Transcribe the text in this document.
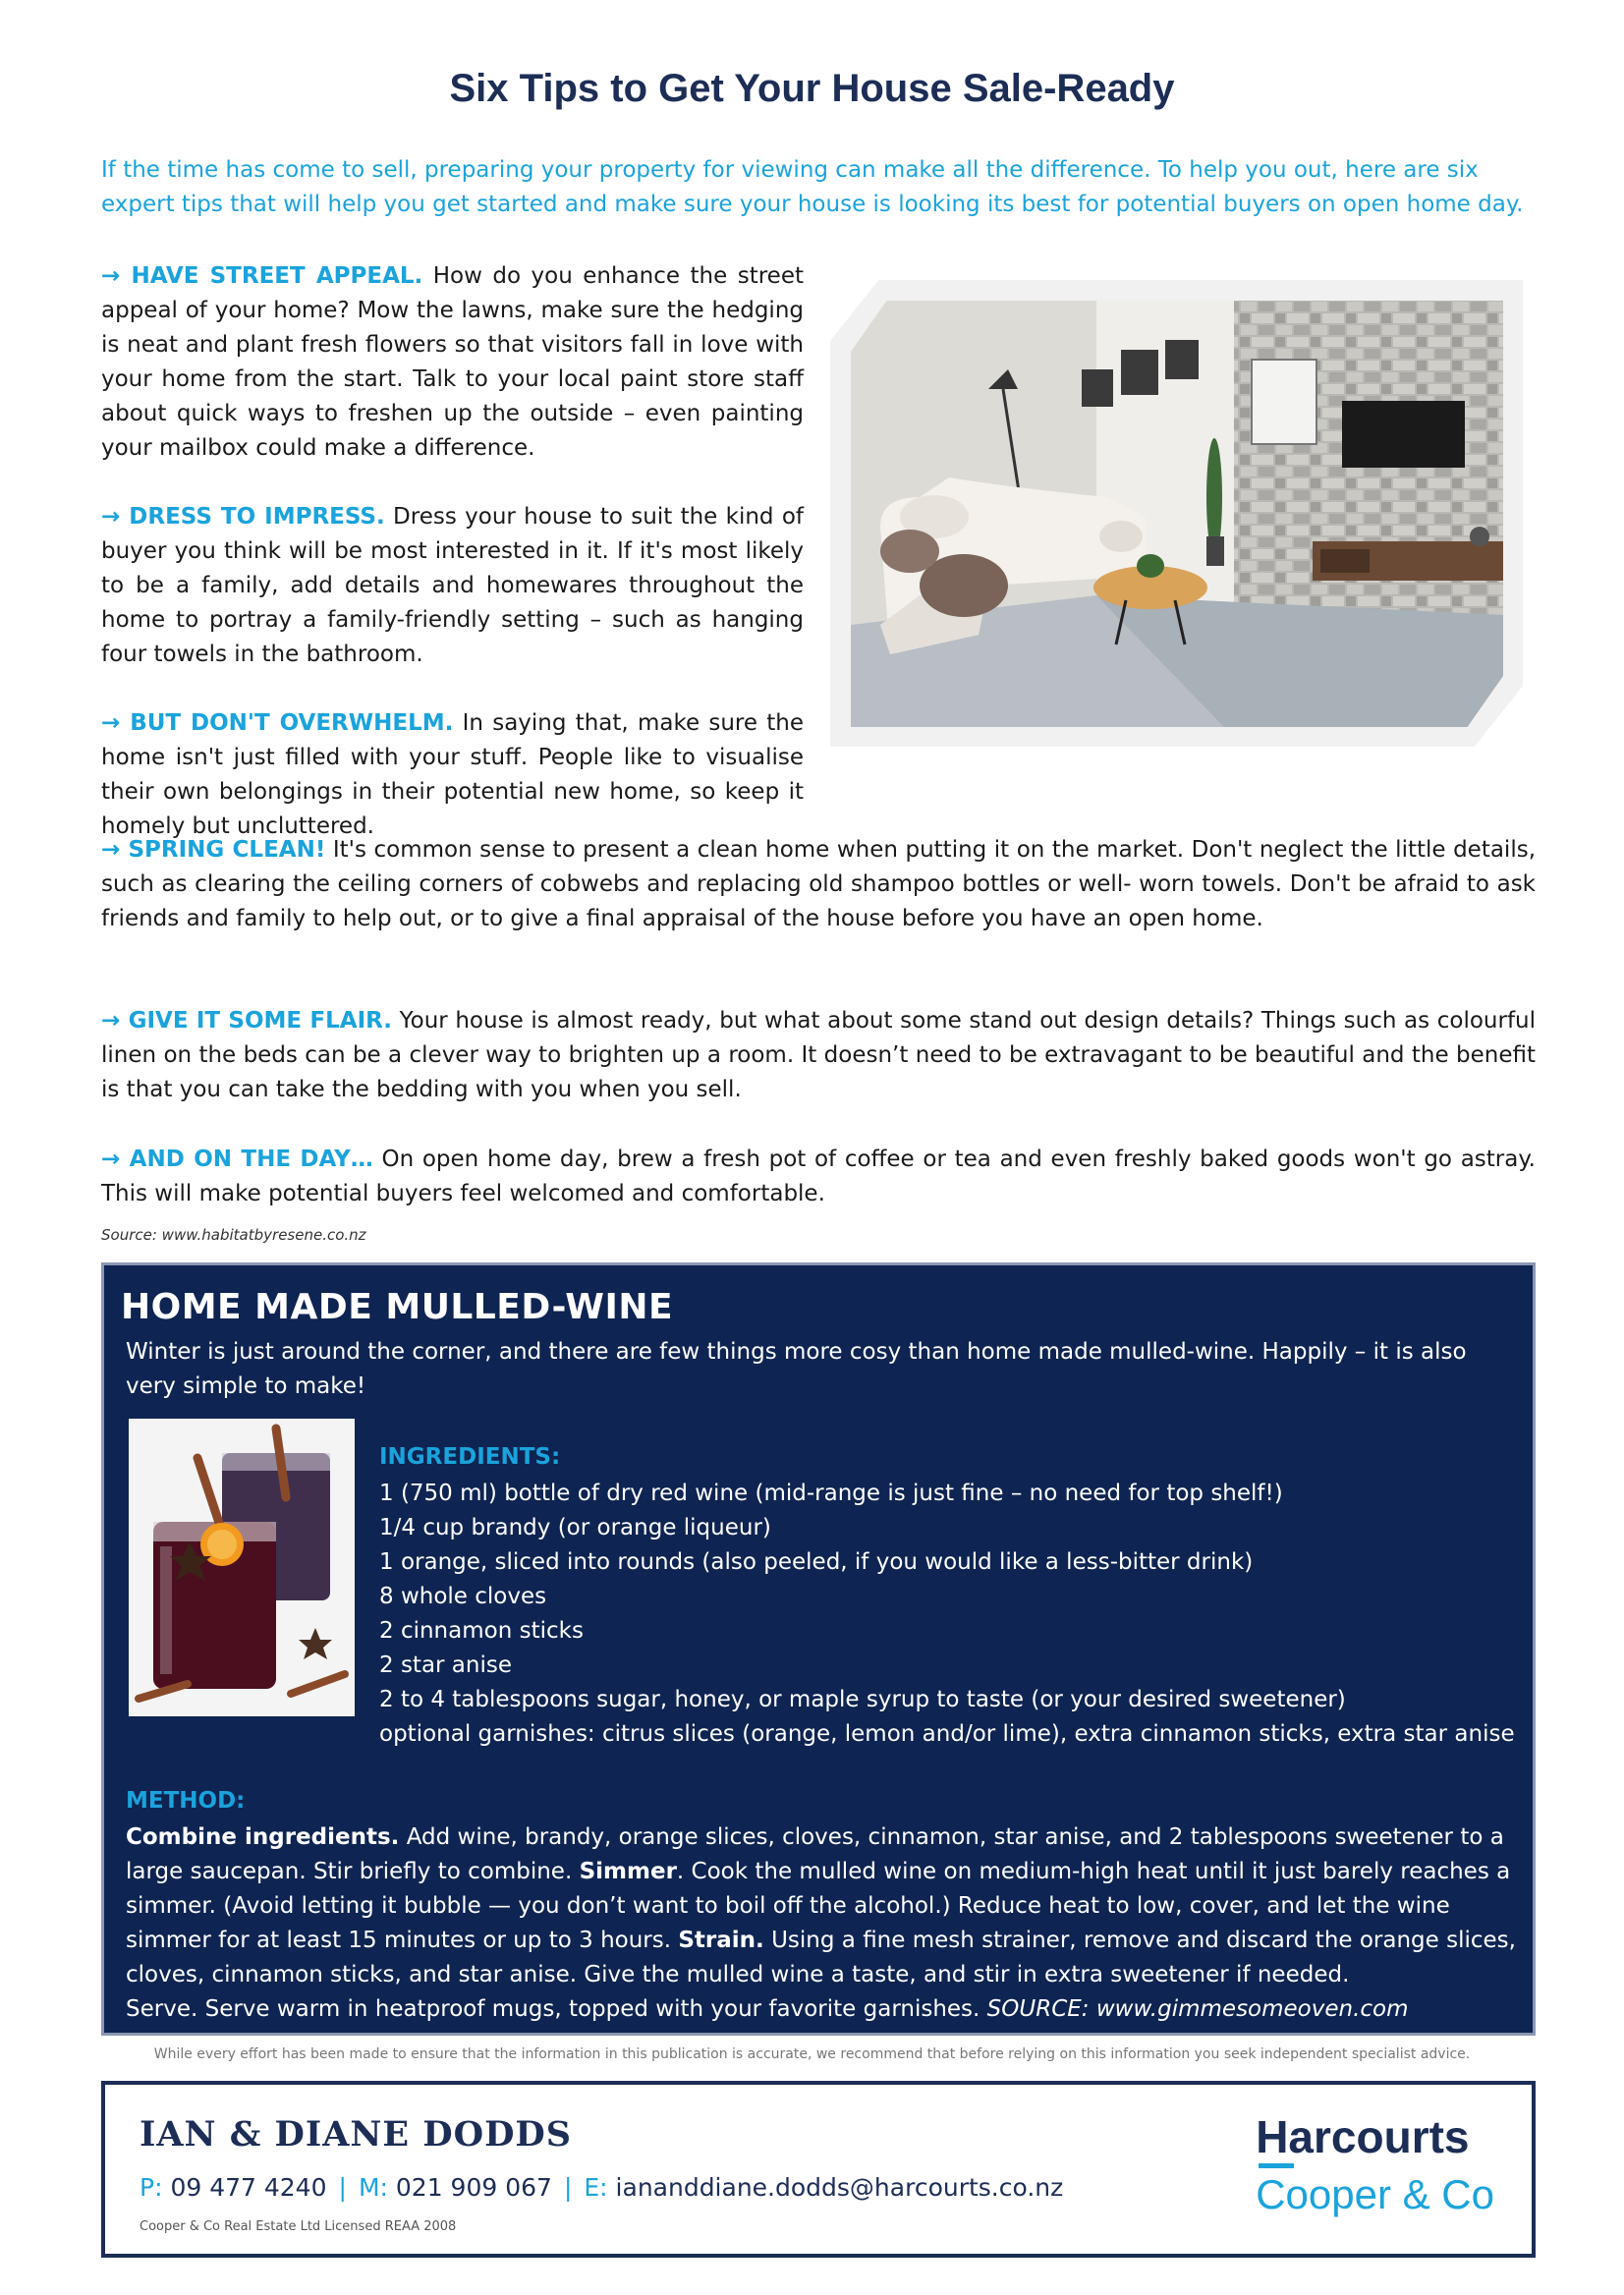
Six Tips to Get Your House Sale-Ready

If the time has come to sell, preparing your property for viewing can make all the difference. To help you out, here are six expert tips that will help you get started and make sure your house is looking its best for potential buyers on open home day.

→ HAVE STREET APPEAL. How do you enhance the street appeal of your home? Mow the lawns, make sure the hedging is neat and plant fresh flowers so that visitors fall in love with your home from the start. Talk to your local paint store staff about quick ways to freshen up the outside – even painting your mailbox could make a difference.

→ DRESS TO IMPRESS. Dress your house to suit the kind of buyer you think will be most interested in it. If it's most likely to be a family, add details and homewares throughout the home to portray a family-friendly setting – such as hanging four towels in the bathroom.

→ BUT DON'T OVERWHELM. In saying that, make sure the home isn't just filled with your stuff. People like to visualise their own belongings in their potential new home, so keep it homely but uncluttered.

→ SPRING CLEAN! It's common sense to present a clean home when putting it on the market. Don't neglect the little details, such as clearing the ceiling corners of cobwebs and replacing old shampoo bottles or well- worn towels. Don't be afraid to ask friends and family to help out, or to give a final appraisal of the house before you have an open home.

→ GIVE IT SOME FLAIR. Your house is almost ready, but what about some stand out design details? Things such as colourful linen on the beds can be a clever way to brighten up a room. It doesn’t need to be extravagant to be beautiful and the benefit is that you can take the bedding with you when you sell.

→ AND ON THE DAY… On open home day, brew a fresh pot of coffee or tea and even freshly baked goods won't go astray. This will make potential buyers feel welcomed and comfortable.

Source: www.habitatbyresene.co.nz

HOME MADE MULLED-WINE

Winter is just around the corner, and there are few things more cosy than home made mulled-wine. Happily – it is also very simple to make!

INGREDIENTS:

1 (750 ml) bottle of dry red wine (mid-range is just fine – no need for top shelf!)
1/4 cup brandy (or orange liqueur)
1 orange, sliced into rounds (also peeled, if you would like a less-bitter drink)
8 whole cloves
2 cinnamon sticks
2 star anise
2 to 4 tablespoons sugar, honey, or maple syrup to taste (or your desired sweetener)
optional garnishes: citrus slices (orange, lemon and/or lime), extra cinnamon sticks, extra star anise

METHOD:

Combine ingredients. Add wine, brandy, orange slices, cloves, cinnamon, star anise, and 2 tablespoons sweetener to a large saucepan. Stir briefly to combine. Simmer. Cook the mulled wine on medium-high heat until it just barely reaches a simmer. (Avoid letting it bubble — you don’t want to boil off the alcohol.) Reduce heat to low, cover, and let the wine simmer for at least 15 minutes or up to 3 hours. Strain. Using a fine mesh strainer, remove and discard the orange slices, cloves, cinnamon sticks, and star anise. Give the mulled wine a taste, and stir in extra sweetener if needed.
Serve. Serve warm in heatproof mugs, topped with your favorite garnishes. SOURCE: www.gimmesomeoven.com

While every effort has been made to ensure that the information in this publication is accurate, we recommend that before relying on this information you seek independent specialist advice.

IAN & DIANE DODDS

P: 09 477 4240 | M: 021 909 067 | E: iananddiane.dodds@harcourts.co.nz

Cooper & Co Real Estate Ltd Licensed REAA 2008

Harcourts

Cooper & Co
